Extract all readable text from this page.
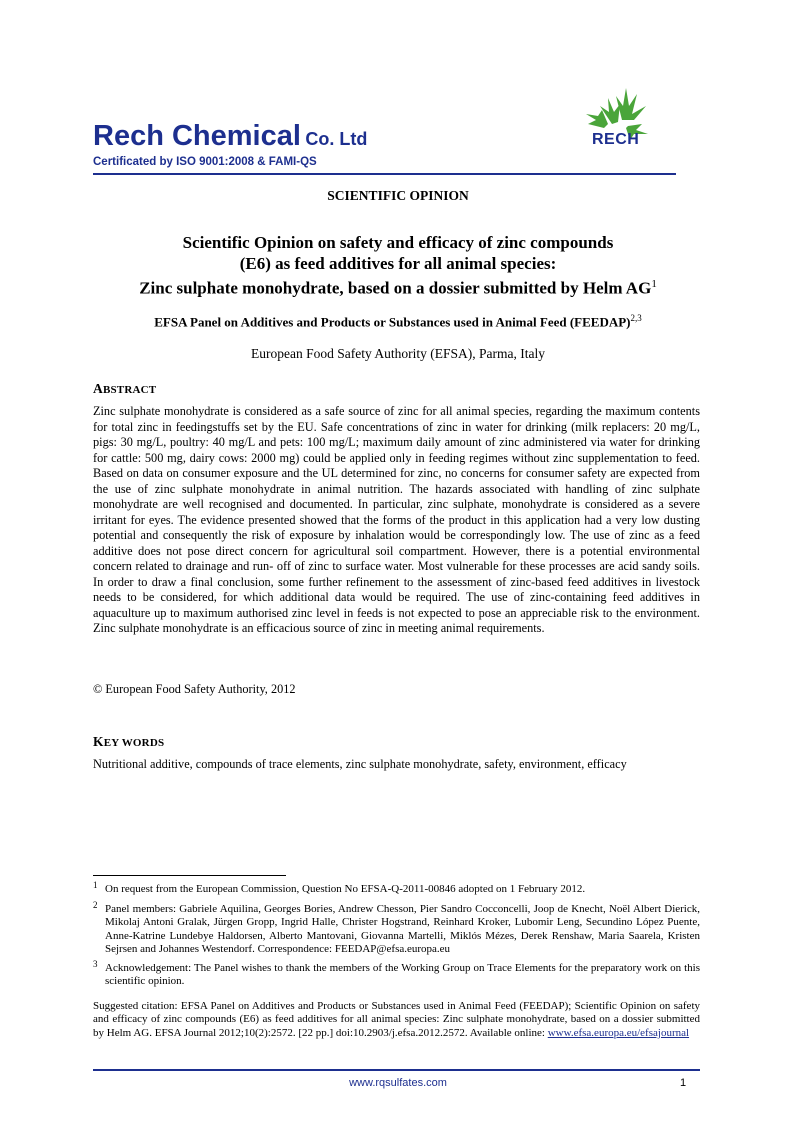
Rech Chemical Co. Ltd
Certificated by ISO 9001:2008 & FAMI-QS
RECH
SCIENTIFIC OPINION
Scientific Opinion on safety and efficacy of zinc compounds
(E6) as feed additives for all animal species:
Zinc sulphate monohydrate, based on a dossier submitted by Helm $AG^1$
EFSA Panel on Additives and Products or Substances used in Animal Feed (FEEDAP)$^{2,3}$
European Food Safety Authority (EFSA), Parma, Italy
ABSTRACT
Zinc sulphate monohydrate is considered as a safe source of zinc for all animal species, regarding the maximum contents for total zinc in feedingstuffs set by the EU. Safe concentrations of zinc in water for drinking (milk replacers: 20 mg/L, pigs: 30 mg/L, poultry: 40 mg/L and pets: 100 mg/L; maximum daily amount of zinc administered via water for drinking for cattle: 500 mg, dairy cows: 2000 mg) could be applied only in feeding regimes without zinc supplementation to feed. Based on data on consumer exposure and the UL determined for zinc, no concerns for consumer safety are expected from the use of zinc sulphate monohydrate in animal nutrition. The hazards associated with handling of zinc sulphate monohydrate are well recognised and documented. In particular, zinc sulphate, monohydrate is considered as a severe irritant for eyes. The evidence presented showed that the forms of the product in this application had a very low dusting potential and consequently the risk of exposure by inhalation would be correspondingly low. The use of zinc as a feed additive does not pose direct concern for agricultural soil compartment. However, there is a potential environmental concern related to drainage and run- off of zinc to surface water. Most vulnerable for these processes are acid sandy soils. In order to draw a final conclusion, some further refinement to the assessment of zinc-based feed additives in livestock needs to be considered, for which additional data would be required. The use of zinc-containing feed additives in aquaculture up to maximum authorised zinc level in feeds is not expected to pose an appreciable risk to the environment. Zinc sulphate monohydrate is an efficacious source of zinc in meeting animal requirements.
© European Food Safety Authority, 2012
KEY WORDS
Nutritional additive, compounds of trace elements, zinc sulphate monohydrate, safety, environment, efficacy
1 On request from the European Commission, Question No EFSA-Q-2011-00846 adopted on 1 February 2012.
2 Panel members: Gabriele Aquilina, Georges Bories, Andrew Chesson, Pier Sandro Cocconcelli, Joop de Knecht, Noël Albert Dierick, Mikolaj Antoni Gralak, Jürgen Gropp, Ingrid Halle, Christer Hogstrand, Reinhard Kroker, Lubomir Leng, Secundino López Puente, Anne-Katrine Lundebye Haldorsen, Alberto Mantovani, Giovanna Martelli, Miklós Mézes, Derek Renshaw, Maria Saarela, Kristen Sejrsen and Johannes Westendorf. Correspondence: FEEDAP@efsa.europa.eu
3 Acknowledgement: The Panel wishes to thank the members of the Working Group on Trace Elements for the preparatory work on this scientific opinion.
Suggested citation: EFSA Panel on Additives and Products or Substances used in Animal Feed (FEEDAP); Scientific Opinion on safety and efficacy of zinc compounds (E6) as feed additives for all animal species: Zinc sulphate monohydrate, based on a dossier submitted by Helm AG. EFSA Journal 2012;10(2):2572. [22 pp.] doi:10.2903/j.efsa.2012.2572. Available online: www.efsa.europa.eu/efsajournal
www.rqsulfates.com	1
